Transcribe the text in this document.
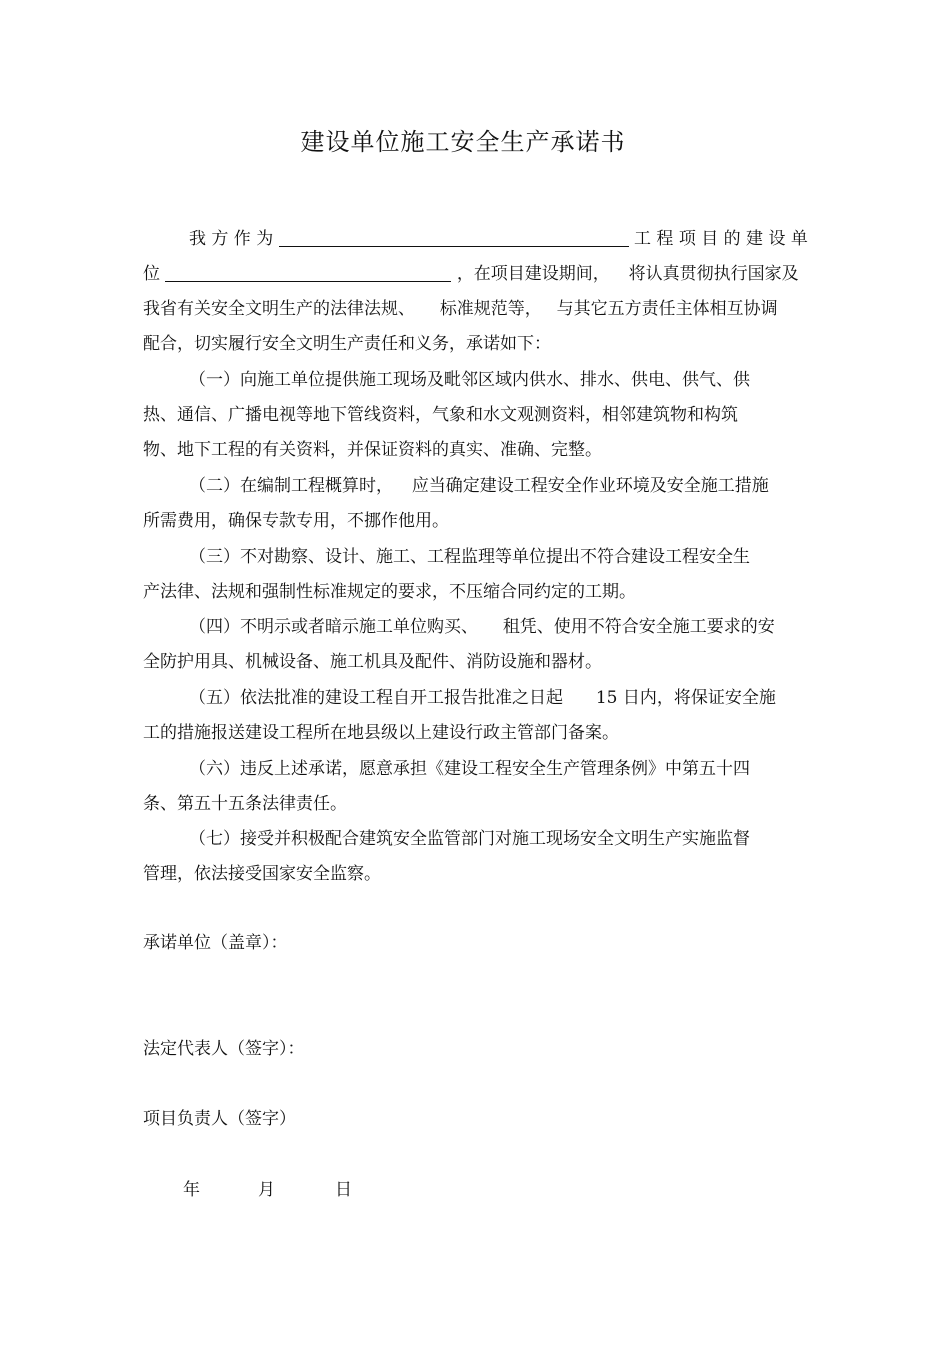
建设单位施工安全生产承诺书
我 方 作 为	工 程 项 目 的 建 设 单
位	，在项目建设期间， 将认真贯彻执行国家及
我省有关安全文明生产的法律法规、 标准规范等， 与其它五方责任主体相互协调
配合，切实履行安全文明生产责任和义务，承诺如下：
（一）向施工单位提供施工现场及毗邻区域内供水、排水、供电、供气、供
热、通信、广播电视等地下管线资料，气象和水文观测资料，相邻建筑物和构筑
物、地下工程的有关资料，并保证资料的真实、准确、完整。
（二）在编制工程概算时， 应当确定建设工程安全作业环境及安全施工措施
所需费用，确保专款专用，不挪作他用。
（三）不对勘察、设计、施工、工程监理等单位提出不符合建设工程安全生
产法律、法规和强制性标准规定的要求，不压缩合同约定的工期。
（四）不明示或者暗示施工单位购买、 租凭、使用不符合安全施工要求的安
全防护用具、机械设备、施工机具及配件、消防设施和器材。
（五）依法批准的建设工程自开工报告批准之日起 15 日内，将保证安全施
工的措施报送建设工程所在地县级以上建设行政主管部门备案。
（六）违反上述承诺，愿意承担《建设工程安全生产管理条例》中第五十四
条、第五十五条法律责任。
（七）接受并积极配合建筑安全监管部门对施工现场安全文明生产实施监督
管理，依法接受国家安全监察。
承诺单位（盖章）：
法定代表人（签字）：
项目负责人（签字）
年	月	日
